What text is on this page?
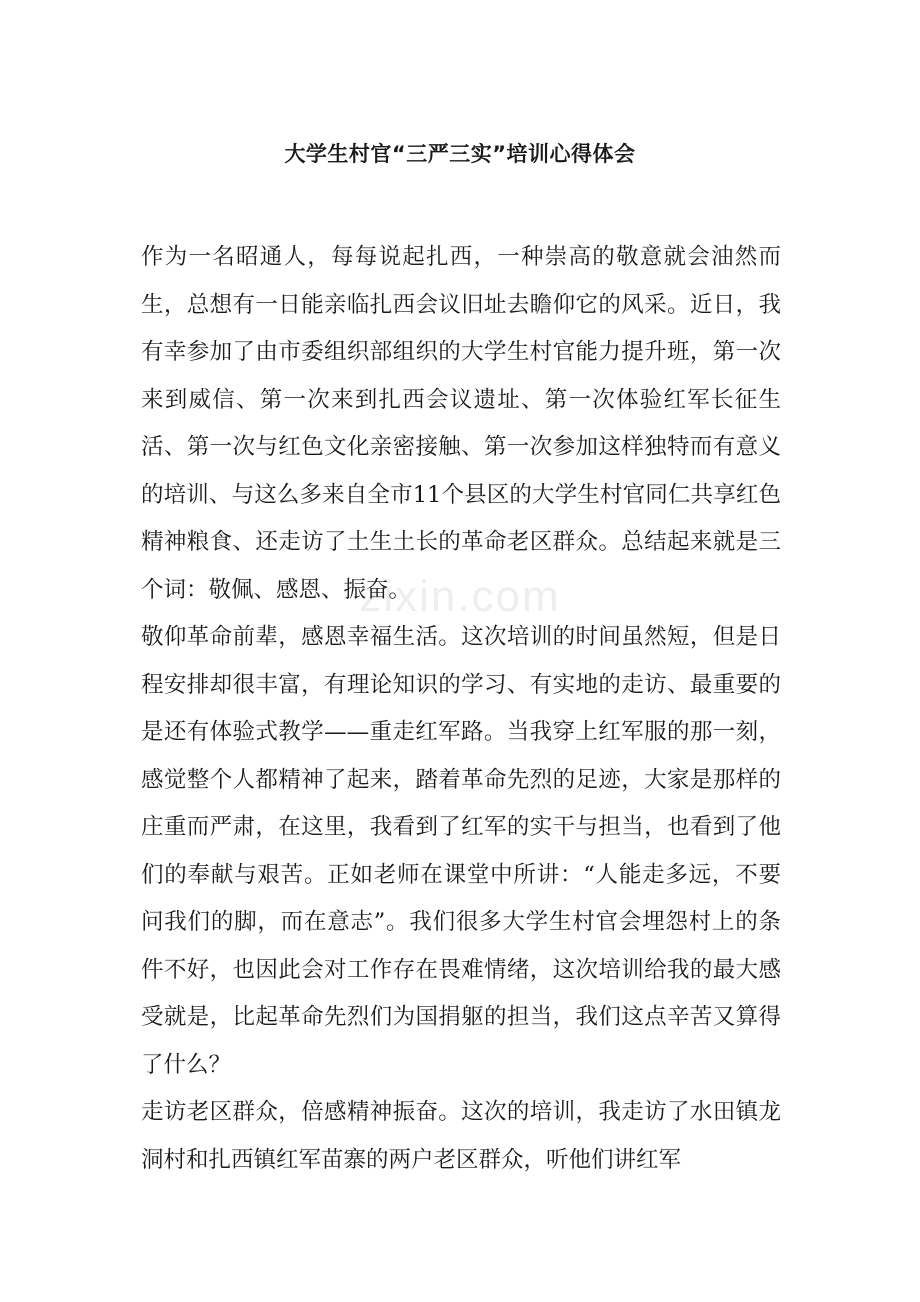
大学生村官“三严三实”培训心得体会
zixin.com

作为一名昭通人，每每说起扎西，一种崇高的敬意就会油然而生，总想有一日能亲临扎西会议旧址去瞻仰它的风采。近日，我有幸参加了由市委组织部组织的大学生村官能力提升班，第一次来到威信、第一次来到扎西会议遗址、第一次体验红军长征生活、第一次与红色文化亲密接触、第一次参加这样独特而有意义的培训、与这么多来自全市11个县区的大学生村官同仁共享红色精神粮食、还走访了土生土长的革命老区群众。总结起来就是三个词：敬佩、感恩、振奋。

敬仰革命前辈，感恩幸福生活。这次培训的时间虽然短，但是日程安排却很丰富，有理论知识的学习、有实地的走访、最重要的是还有体验式教学——重走红军路。当我穿上红军服的那一刻，感觉整个人都精神了起来，踏着革命先烈的足迹，大家是那样的庄重而严肃，在这里，我看到了红军的实干与担当，也看到了他们的奉献与艰苦。正如老师在课堂中所讲：“人能走多远，不要问我们的脚，而在意志”。我们很多大学生村官会埋怨村上的条件不好，也因此会对工作存在畏难情绪，这次培训给我的最大感受就是，比起革命先烈们为国捐躯的担当，我们这点辛苦又算得了什么？

走访老区群众，倍感精神振奋。这次的培训，我走访了水田镇龙洞村和扎西镇红军苗寨的两户老区群众，听他们讲红军
